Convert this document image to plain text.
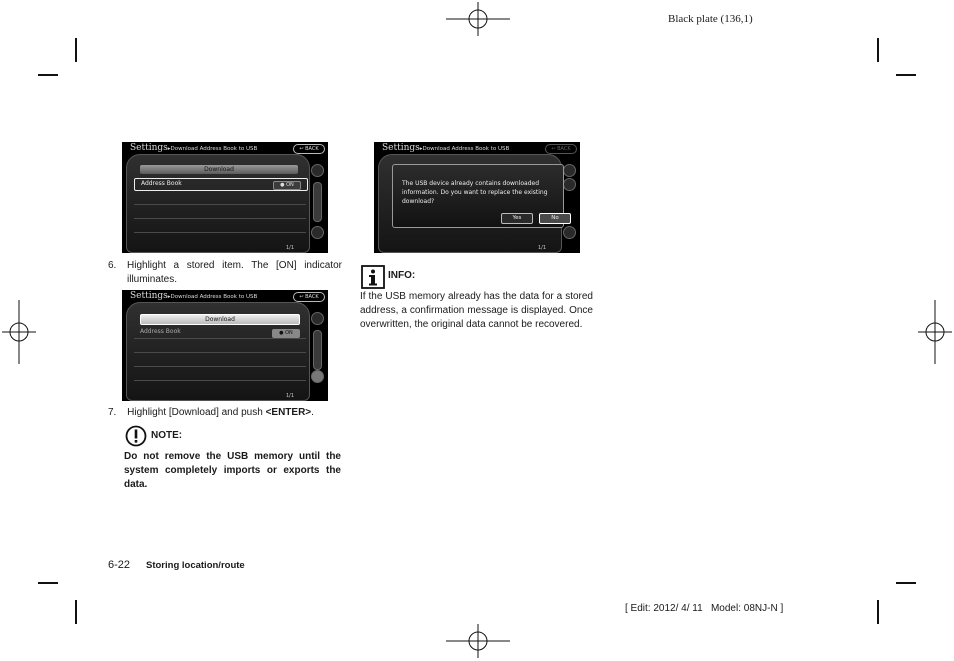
Black plate (136,1)
Settings▸Download Address Book to USB	↩ BACK
Download
Address Book	● ON
1/1
6. Highlight a stored item. The [ON] indicator illuminates.
Settings▸Download Address Book to USB	↩ BACK
Download
Address Book	● ON
1/1
7. Highlight [Download] and push <ENTER>.
NOTE:
Do not remove the USB memory until the system completely imports or exports the data.
Settings▸Download Address Book to USB	↩ BACK
The USB device already contains downloaded information. Do you want to replace the existing download?
Yes	No
1/1
INFO:
If the USB memory already has the data for a stored address, a confirmation message is displayed. Once overwritten, the original data cannot be recovered.
6-22 Storing location/route
[ Edit: 2012/ 4/ 11   Model: 08NJ-N ]
